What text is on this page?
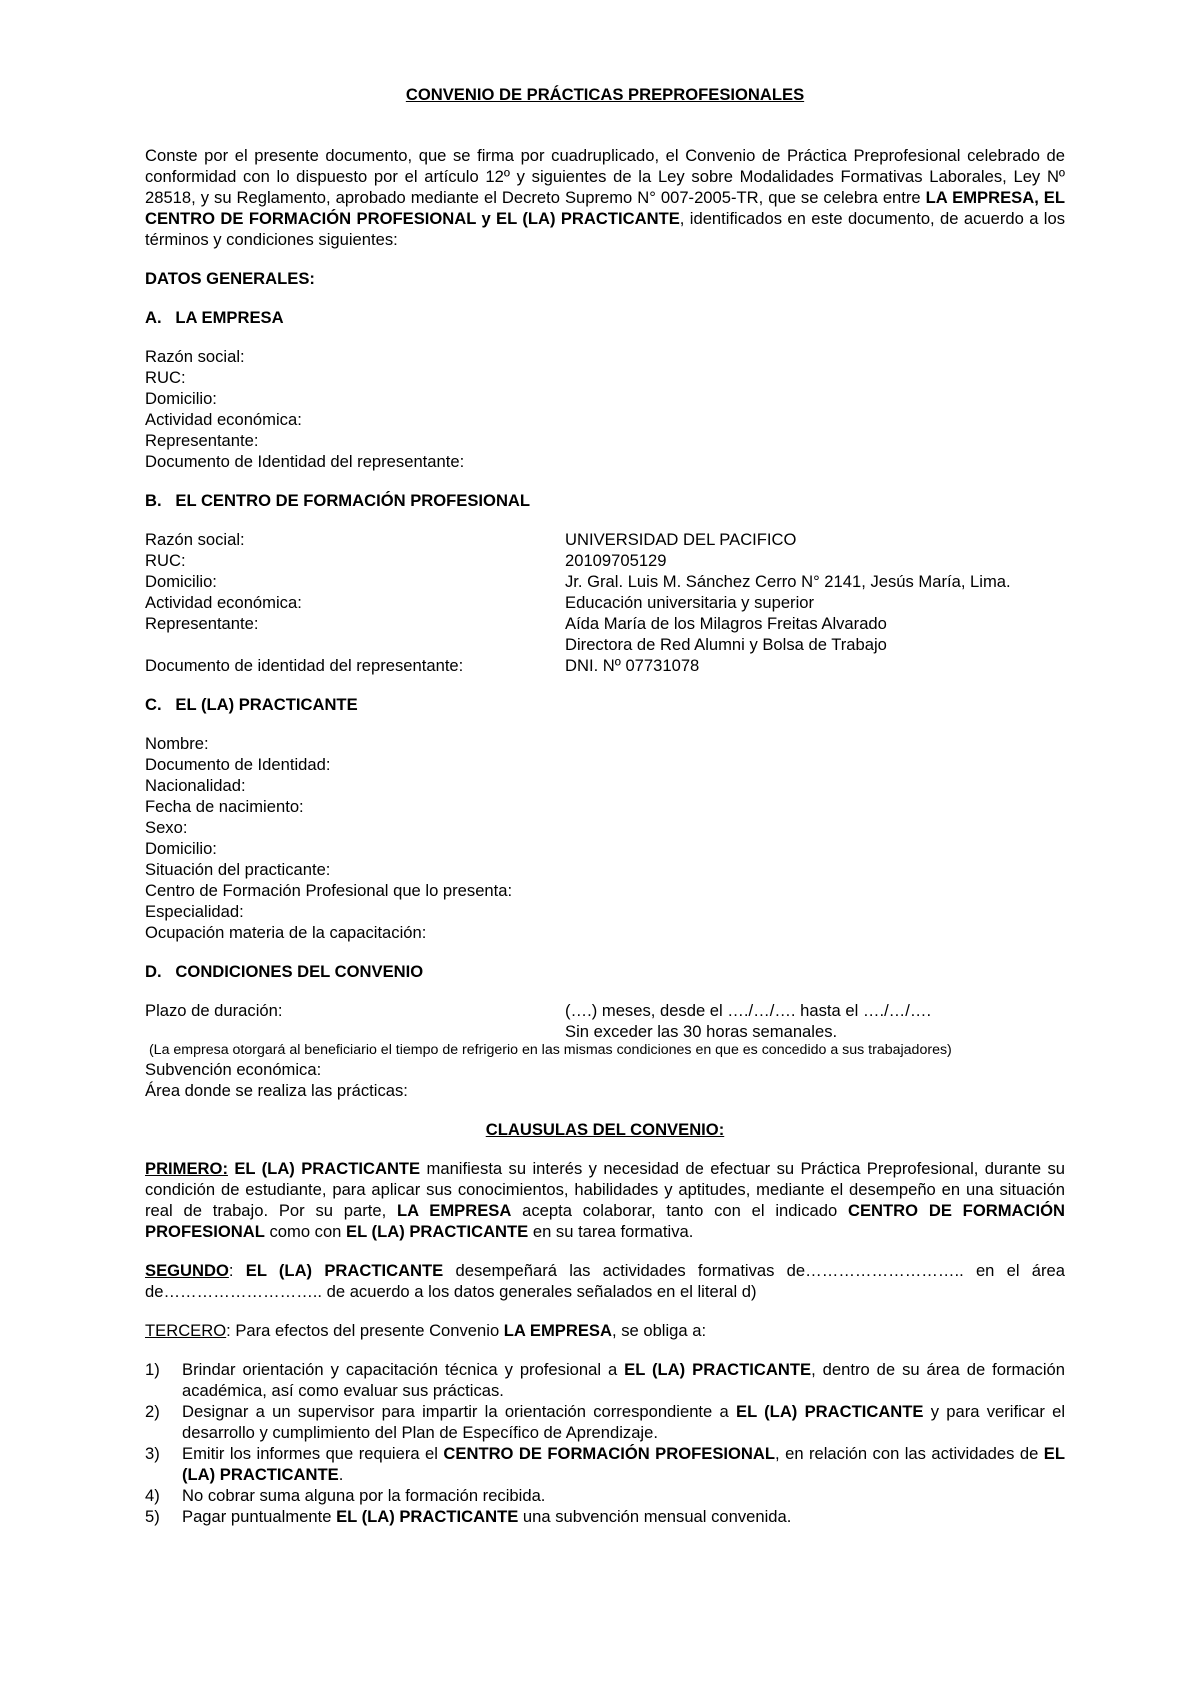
CONVENIO DE PRÁCTICAS PREPROFESIONALES

Conste por el presente documento, que se firma por cuadruplicado, el Convenio de Práctica Preprofesional celebrado de conformidad con lo dispuesto por el artículo 12º y siguientes de la Ley sobre Modalidades Formativas Laborales, Ley Nº 28518, y su Reglamento, aprobado mediante el Decreto Supremo N° 007-2005-TR, que se celebra entre LA EMPRESA, EL CENTRO DE FORMACIÓN PROFESIONAL y EL (LA) PRACTICANTE, identificados en este documento, de acuerdo a los términos y condiciones siguientes:

DATOS GENERALES:

A.   LA EMPRESA

Razón social:

RUC:

Domicilio:

Actividad económica:

Representante:

Documento de Identidad del representante:

B.   EL CENTRO DE FORMACIÓN PROFESIONAL

Razón social:	UNIVERSIDAD DEL PACIFICO
RUC:	20109705129
Domicilio:	Jr. Gral. Luis M. Sánchez Cerro N° 2141, Jesús María, Lima.
Actividad económica:	Educación universitaria y superior
Representante:	Aída María de los Milagros Freitas Alvarado
Directora de Red Alumni y Bolsa de Trabajo
Documento de identidad del representante:	DNI. Nº 07731078

C.   EL (LA) PRACTICANTE

Nombre:

Documento de Identidad:

Nacionalidad:

Fecha de nacimiento:

Sexo:

Domicilio:

Situación del practicante:

Centro de Formación Profesional que lo presenta:

Especialidad:

Ocupación materia de la capacitación:

D.   CONDICIONES DEL CONVENIO

Plazo de duración:	(….) meses, desde el …./…/…. hasta el …./…/….
Sin exceder las 30 horas semanales.

(La empresa otorgará al beneficiario el tiempo de refrigerio en las mismas condiciones en que es concedido a sus trabajadores)

Subvención económica:

Área donde se realiza las prácticas:

CLAUSULAS DEL CONVENIO:

PRIMERO: EL (LA) PRACTICANTE manifiesta su interés y necesidad de efectuar su Práctica Preprofesional, durante su condición de estudiante, para aplicar sus conocimientos, habilidades y aptitudes, mediante el desempeño en una situación real de trabajo. Por su parte, LA EMPRESA acepta colaborar, tanto con el indicado CENTRO DE FORMACIÓN PROFESIONAL como con EL (LA) PRACTICANTE en su tarea formativa.

SEGUNDO: EL (LA) PRACTICANTE desempeñará las actividades formativas de……………………….. en el área de……………………….. de acuerdo a los datos generales señalados en el literal d)

TERCERO: Para efectos del presente Convenio LA EMPRESA, se obliga a:

1)	Brindar orientación y capacitación técnica y profesional a EL (LA) PRACTICANTE, dentro de su área de formación académica, así como evaluar sus prácticas.
2)	Designar a un supervisor para impartir la orientación correspondiente a EL (LA) PRACTICANTE y para verificar el desarrollo y cumplimiento del Plan de Específico de Aprendizaje.
3)	Emitir los informes que requiera el CENTRO DE FORMACIÓN PROFESIONAL, en relación con las actividades de EL (LA) PRACTICANTE.
4)	No cobrar suma alguna por la formación recibida.
5)	Pagar puntualmente EL (LA) PRACTICANTE una subvención mensual convenida.
